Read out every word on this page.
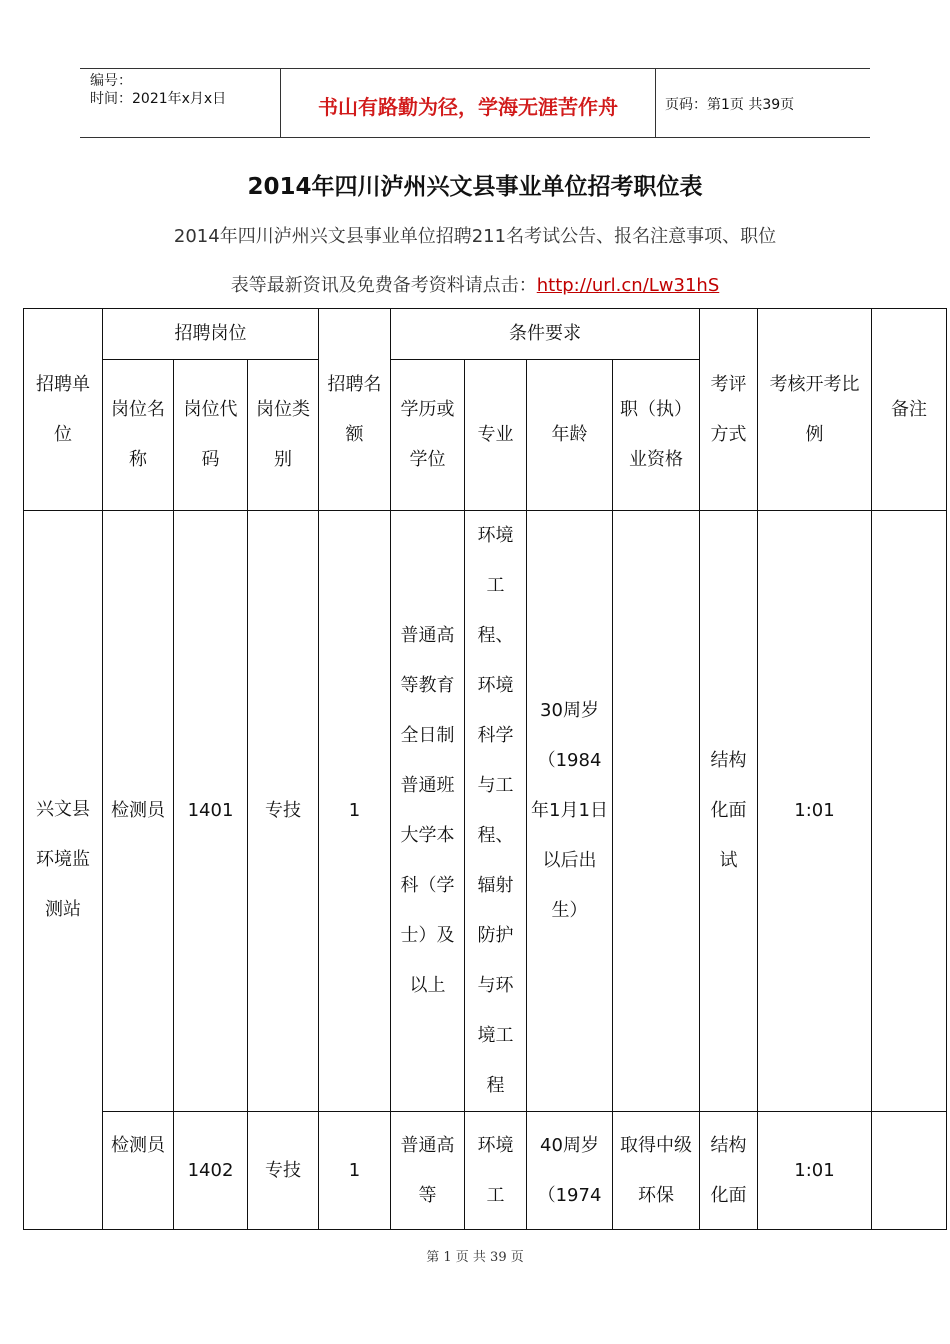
编号：
时间：2021年x月x日	书山有路勤为径，学海无涯苦作舟	页码：第1页 共39页
2014年四川泸州兴文县事业单位招考职位表
2014年四川泸州兴文县事业单位招聘211名考试公告、报名注意事项、职位
表等最新资讯及免费备考资料请点击：http://url.cn/Lw31hS
招聘单位	招聘岗位			招聘名额	条件要求				考评方式	考核开考比例	备注
	岗位名称	岗位代码	岗位类别		学历或学位	专业	年龄	职（执）业资格			
兴文县环境监测站	检测员	1401	专技	1	普通高等教育全日制普通班大学本科（学士）及以上	环境工程、环境科学与工程、辐射防护与环境工程	30周岁（1984年1月1日以后出生）		结构化面试	1:01	
	检测员	1402	专技	1	普通高等	环境工	40周岁（1974	取得中级环保	结构化面	1:01	
第 1 页 共 39 页
